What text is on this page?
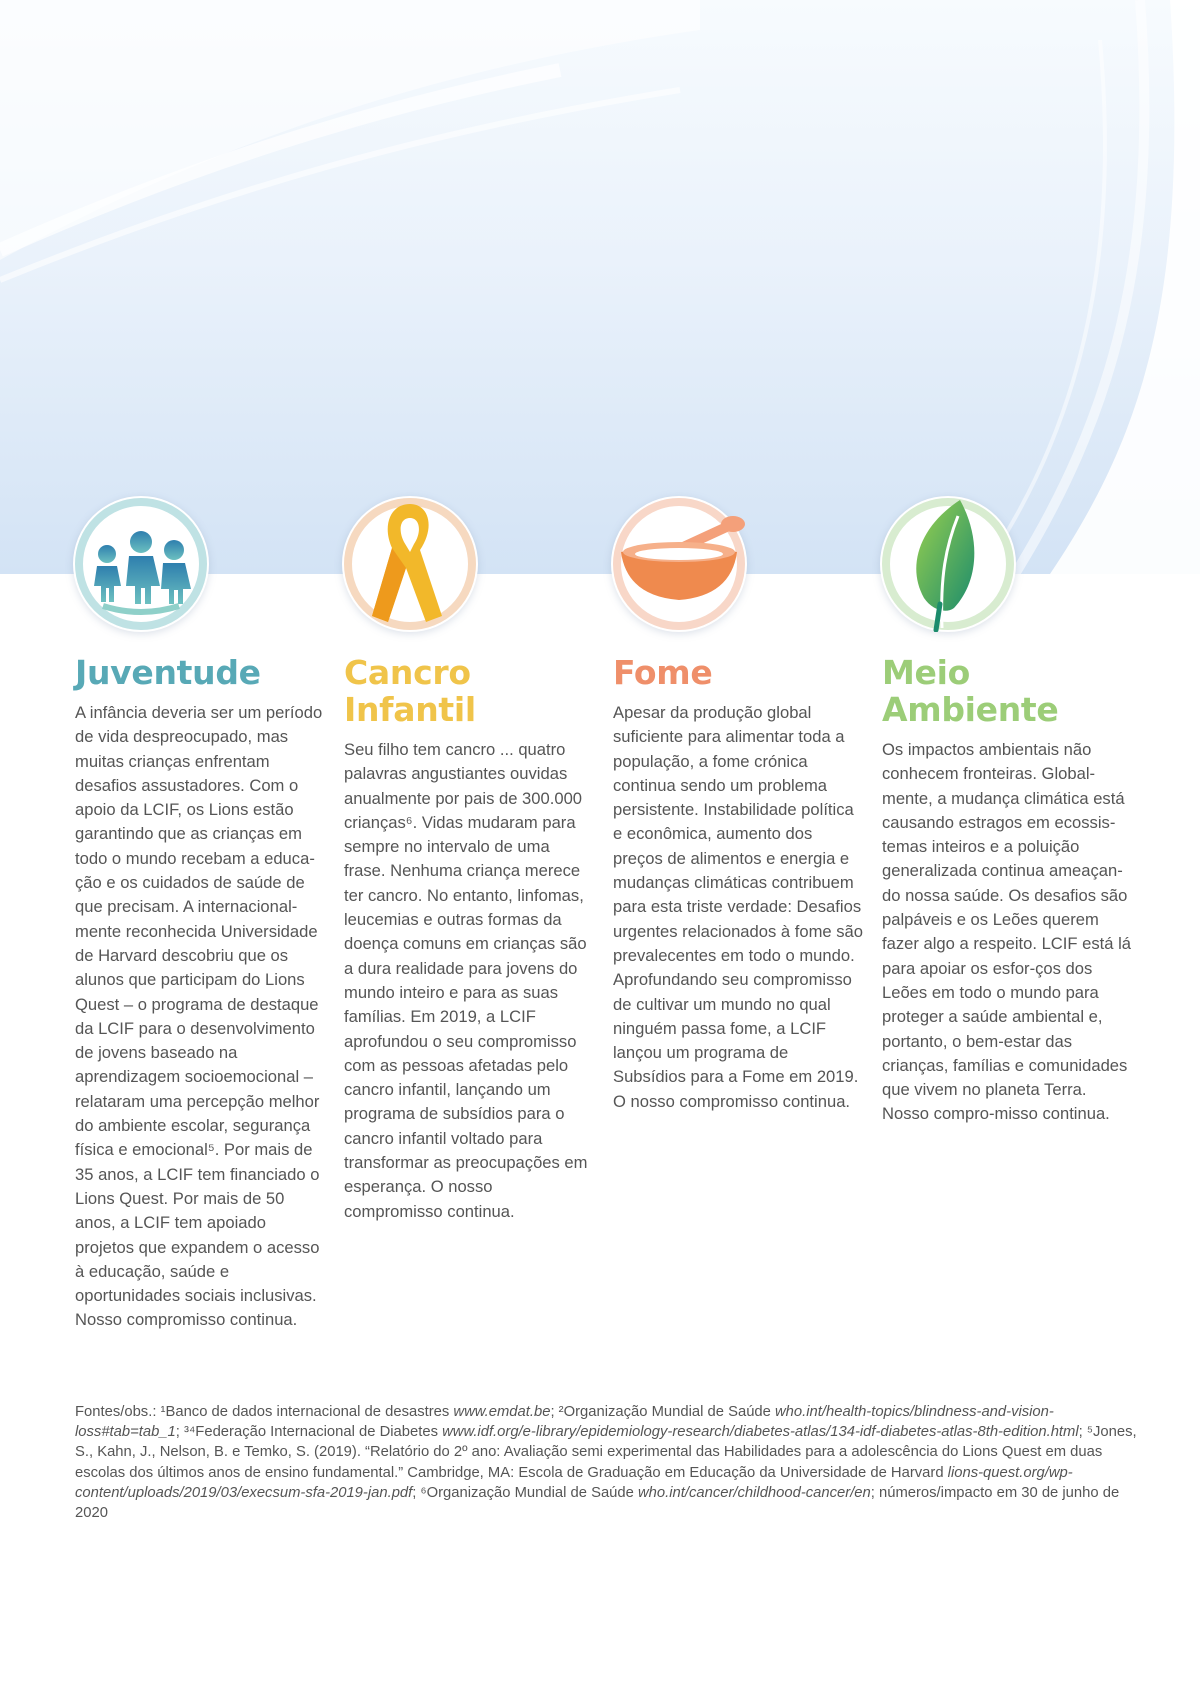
Juventude

A infância deveria ser um período de vida despreocupado, mas muitas crianças enfrentam desafios assustadores. Com o apoio da LCIF, os Lions estão garantindo que as crianças em todo o mundo recebam a educa-ção e os cuidados de saúde de que precisam. A internacional-mente reconhecida Universidade de Harvard descobriu que os alunos que participam do Lions Quest – o programa de destaque da LCIF para o desenvolvimento de jovens baseado na aprendizagem socioemocional – relataram uma percepção melhor do ambiente escolar, segurança física e emocional⁵. Por mais de 35 anos, a LCIF tem financiado o Lions Quest. Por mais de 50 anos, a LCIF tem apoiado projetos que expandem o acesso à educação, saúde e oportunidades sociais inclusivas. Nosso compromisso continua.

Cancro Infantil

Seu filho tem cancro ... quatro palavras angustiantes ouvidas anualmente por pais de 300.000 crianças⁶. Vidas mudaram para sempre no intervalo de uma frase. Nenhuma criança merece ter cancro. No entanto, linfomas, leucemias e outras formas da doença comuns em crianças são a dura realidade para jovens do mundo inteiro e para as suas famílias. Em 2019, a LCIF aprofundou o seu compromisso com as pessoas afetadas pelo cancro infantil, lançando um programa de subsídios para o cancro infantil voltado para transformar as preocupações em esperança. O nosso compromisso continua.

Fome

Apesar da produção global suficiente para alimentar toda a população, a fome crónica continua sendo um problema persistente. Instabilidade política e econômica, aumento dos preços de alimentos e energia e mudanças climáticas contribuem para esta triste verdade: Desafios urgentes relacionados à fome são prevalecentes em todo o mundo. Aprofundando seu compromisso de cultivar um mundo no qual ninguém passa fome, a LCIF lançou um programa de Subsídios para a Fome em 2019. O nosso compromisso continua.

Meio Ambiente

Os impactos ambientais não conhecem fronteiras. Global-mente, a mudança climática está causando estragos em ecossis-temas inteiros e a poluição generalizada continua ameaçan-do nossa saúde. Os desafios são palpáveis e os Leões querem fazer algo a respeito. LCIF está lá para apoiar os esfor-ços dos Leões em todo o mundo para proteger a saúde ambiental e, portanto, o bem-estar das crianças, famílias e comunidades que vivem no planeta Terra. Nosso compro-misso continua.

Fontes/obs.: ¹Banco de dados internacional de desastres www.emdat.be; ²Organização Mundial de Saúde who.int/health-topics/blindness-and-vision-loss#tab=tab_1; ³⁴Federação Internacional de Diabetes www.idf.org/e-library/epidemiology-research/diabetes-atlas/134-idf-diabetes-atlas-8th-edition.html; ⁵Jones, S., Kahn, J., Nelson, B. e Temko, S. (2019). “Relatório do 2º ano: Avaliação semi experimental das Habilidades para a adolescência do Lions Quest em duas escolas dos últimos anos de ensino fundamental.” Cambridge, MA: Escola de Graduação em Educação da Universidade de Harvard lions-quest.org/wp-content/uploads/2019/03/execsum-sfa-2019-jan.pdf; ⁶Organização Mundial de Saúde who.int/cancer/childhood-cancer/en; números/impacto em 30 de junho de 2020
